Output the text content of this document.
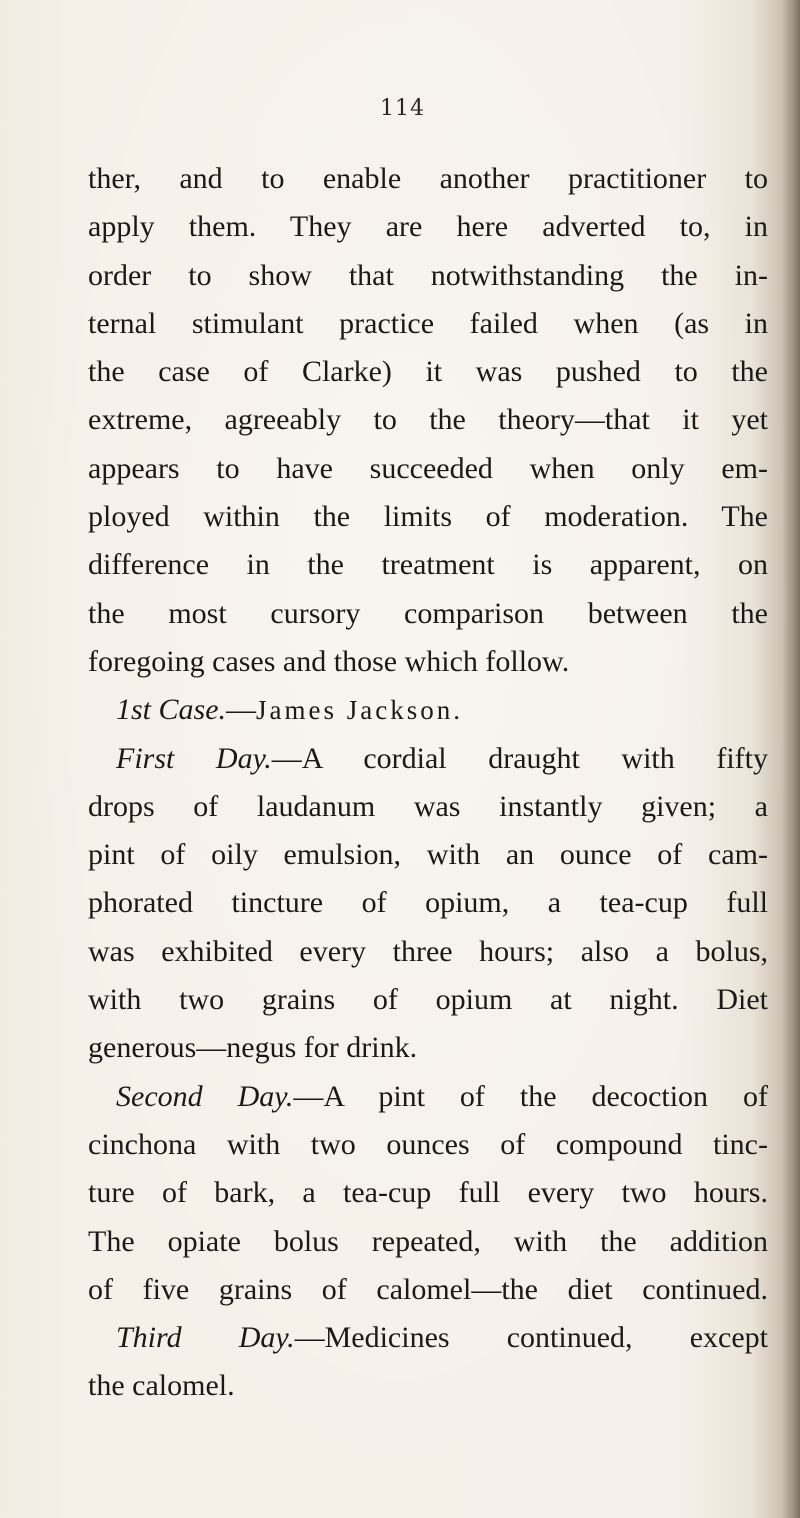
114
ther, and to enable another practitioner to
apply them. They are here adverted to, in
order to show that notwithstanding the in-
ternal stimulant practice failed when (as in
the case of Clarke) it was pushed to the
extreme, agreeably to the theory—that it yet
appears to have succeeded when only em-
ployed within the limits of moderation. The
difference in the treatment is apparent, on
the most cursory comparison between the
foregoing cases and those which follow.
1st Case.—James Jackson.
First Day.—A cordial draught with fifty
drops of laudanum was instantly given; a
pint of oily emulsion, with an ounce of cam-
phorated tincture of opium, a tea-cup full
was exhibited every three hours; also a bolus,
with two grains of opium at night. Diet
generous—negus for drink.
Second Day.—A pint of the decoction of
cinchona with two ounces of compound tinc-
ture of bark, a tea-cup full every two hours.
The opiate bolus repeated, with the addition
of five grains of calomel—the diet continued.
Third Day.—Medicines continued, except
the calomel.
